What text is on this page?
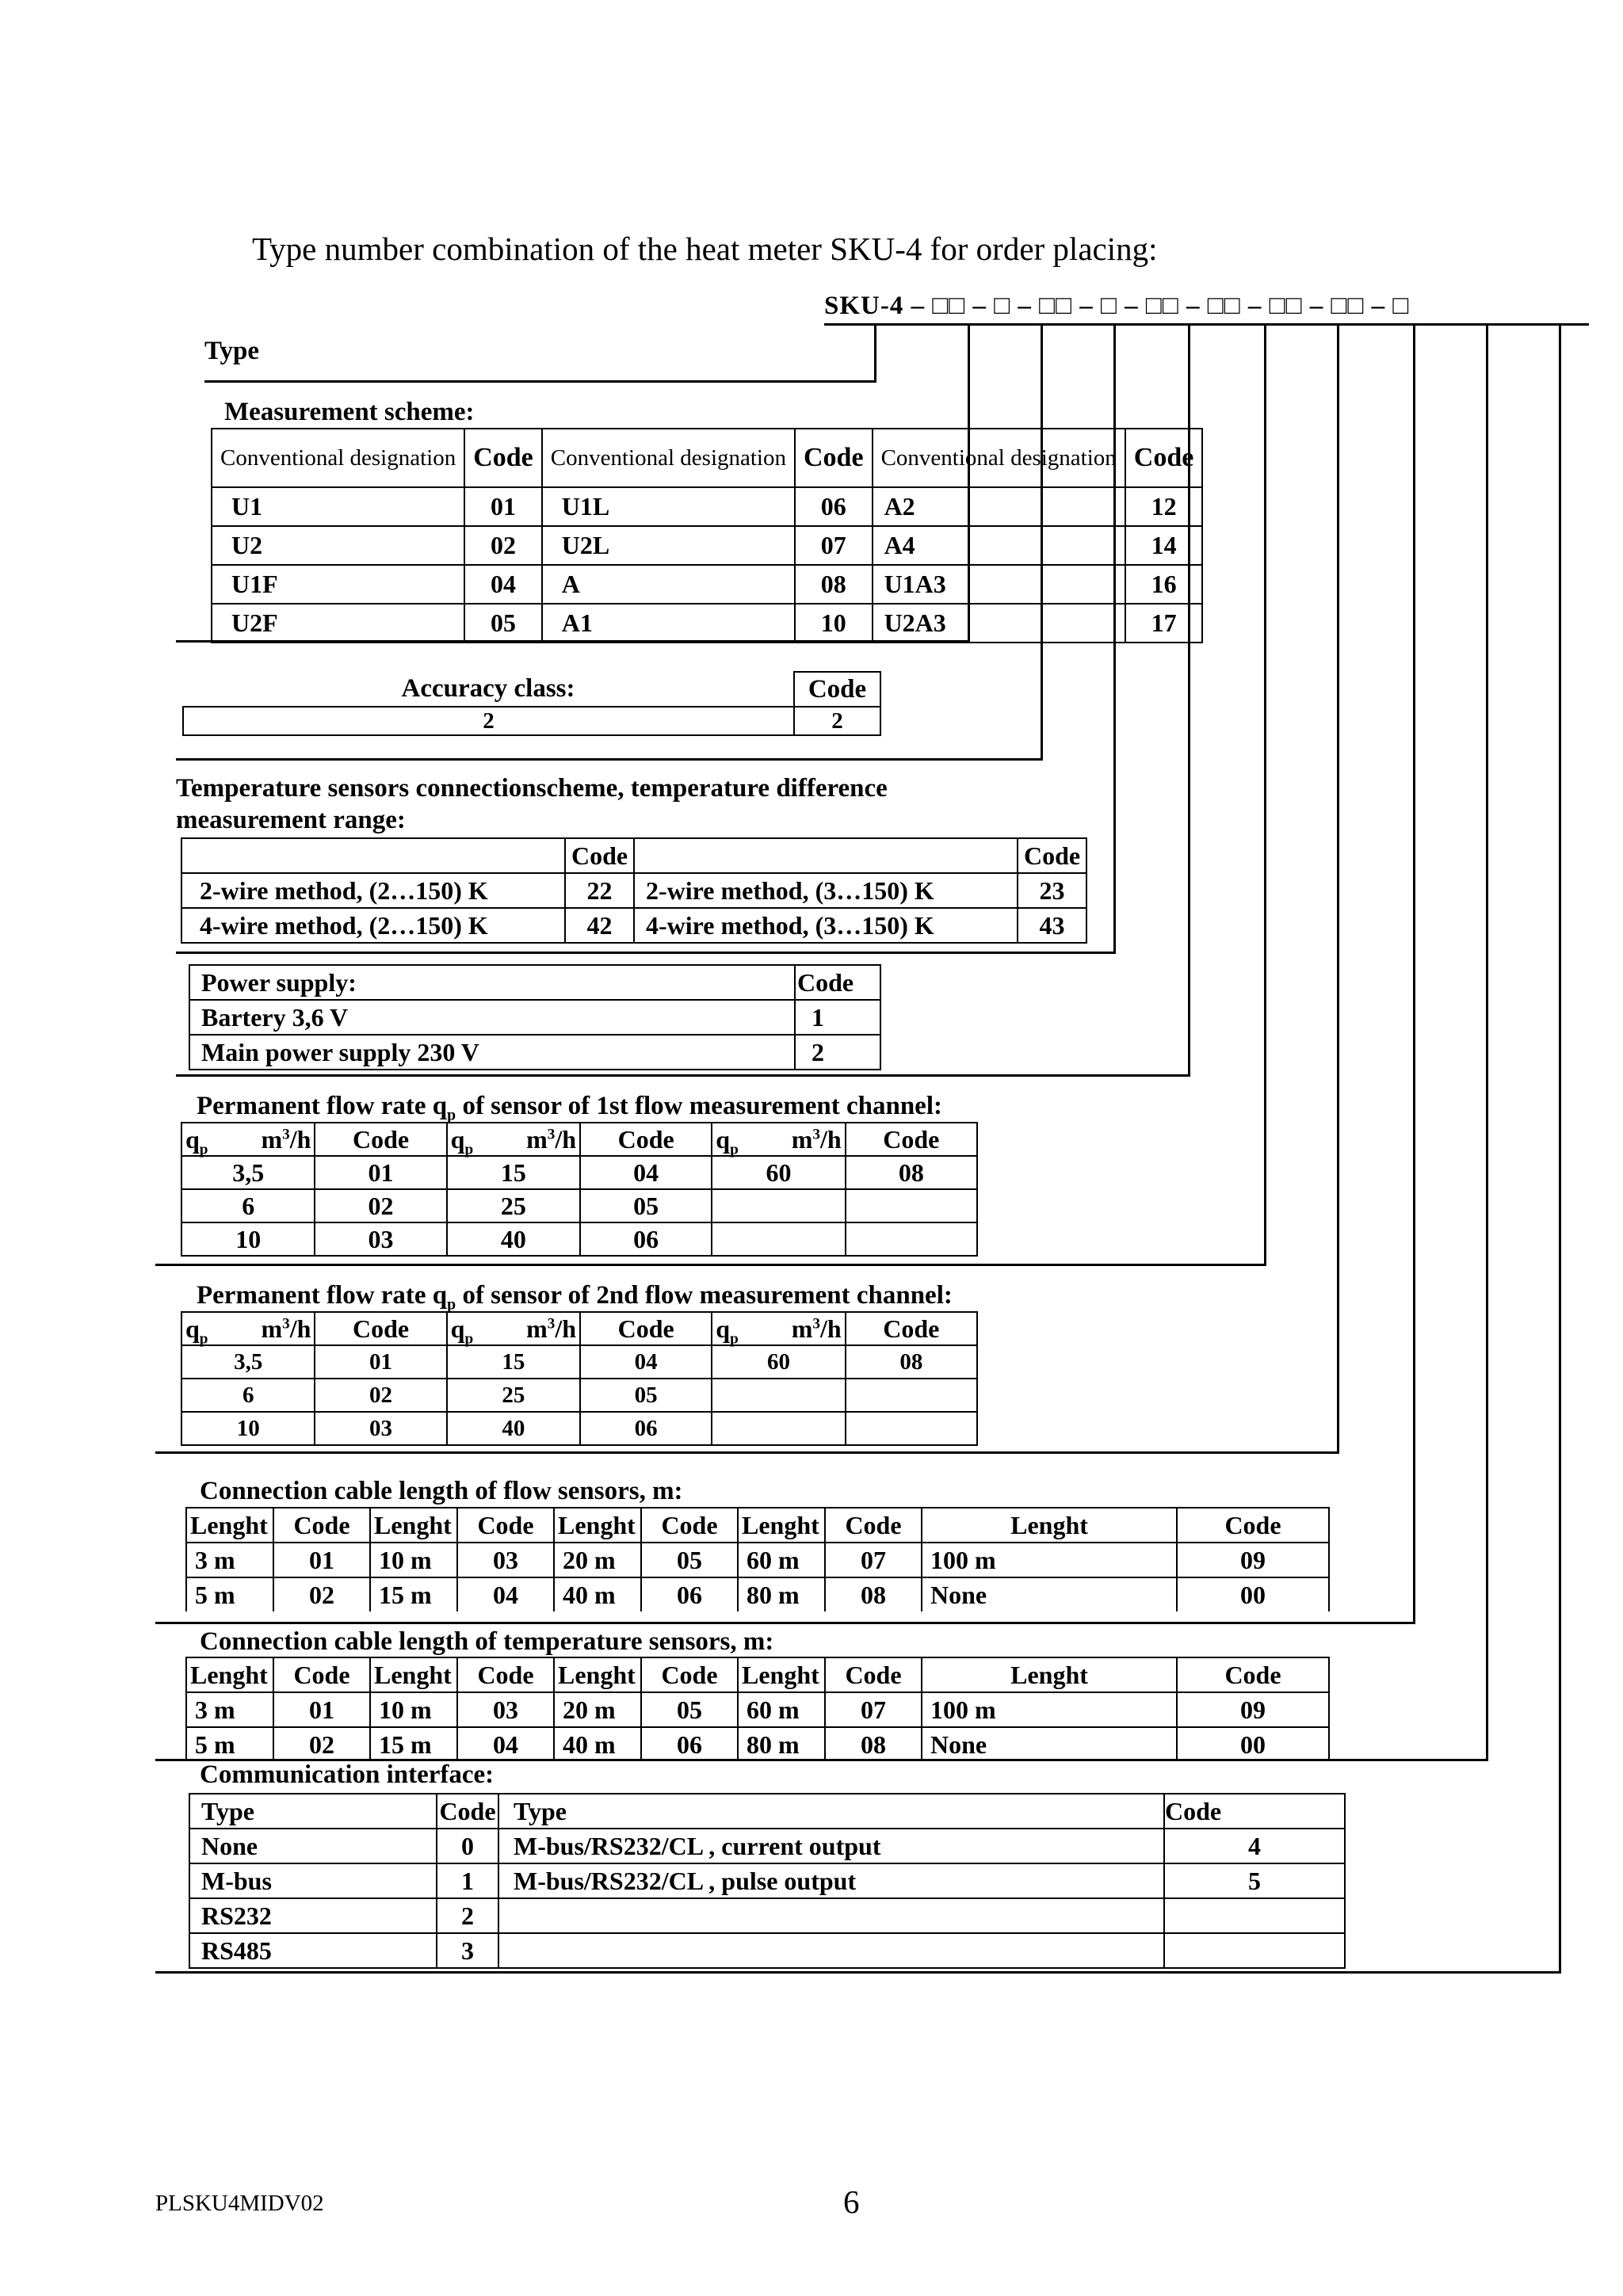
Type number combination of the heat meter SKU-4 for order placing:
SKU-4 – □□ – □ – □□ – □ – □□ – □□ – □□ – □□ – □
Type
Measurement scheme:
Conventional designation	Code	Conventional designation	Code	Conventional designation	Code
U1	01	U1L	06	A2	12
U2	02	U2L	07	A4	14
U1F	04	A	08	U1A3	16
U2F	05	A1	10	U2A3	17
Accuracy class:	Code
2	2
Temperature sensors connectionscheme, temperature difference
measurement range:
	Code		Code
2-wire method, (2…150) K	22	2-wire method, (3…150) K	23
4-wire method, (2…150) K	42	4-wire method, (3…150) K	43
Power supply:	Code
Bartery 3,6 V	1
Main power supply 230 V	2
Permanent flow rate $q_p$ of sensor of 1st flow measurement channel:
$q_p$ $m^3/h$	Code	$q_p$ $m^3/h$	Code	$q_p$ $m^3/h$	Code
3,5	01	15	04	60	08
6	02	25	05		
10	03	40	06		
Permanent flow rate $q_p$ of sensor of 2nd flow measurement channel:
$q_p$ $m^3/h$	Code	$q_p$ $m^3/h$	Code	$q_p$ $m^3/h$	Code
3,5	01	15	04	60	08
6	02	25	05		
10	03	40	06		
Connection cable length of flow sensors, m:
Lenght	Code	Lenght	Code	Lenght	Code	Lenght	Code	Lenght	Code
3 m	01	10 m	03	20 m	05	60 m	07	100 m	09
5 m	02	15 m	04	40 m	06	80 m	08	None	00
Connection cable length of temperature sensors, m:
Lenght	Code	Lenght	Code	Lenght	Code	Lenght	Code	Lenght	Code
3 m	01	10 m	03	20 m	05	60 m	07	100 m	09
5 m	02	15 m	04	40 m	06	80 m	08	None	00
Communication interface:
Type	Code	Type	Code
None	0	M-bus/RS232/CL , current output	4
M-bus	1	M-bus/RS232/CL , pulse output	5
RS232	2		
RS485	3		
PLSKU4MIDV02	6
